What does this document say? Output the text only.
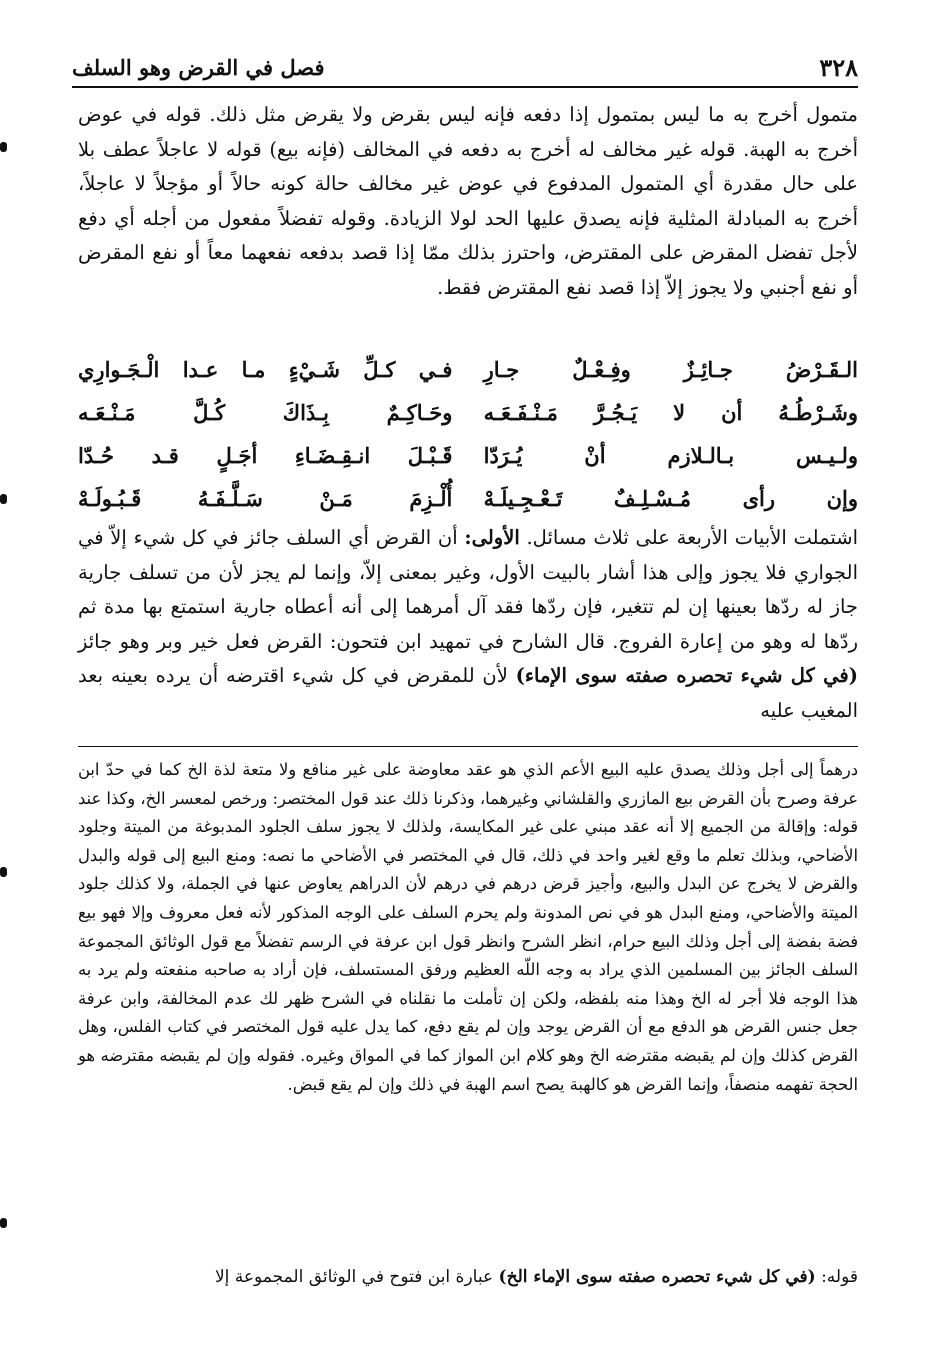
٣٢٨
فصل في القرض وهو السلف

متمول أخرج به ما ليس بمتمول إذا دفعه فإنه ليس بقرض ولا يقرض مثل ذلك. قوله في عوض أخرج به الهبة. قوله غير مخالف له أخرج به دفعه في المخالف (فإنه بيع) قوله لا عاجلاً عطف بلا على حال مقدرة أي المتمول المدفوع في عوض غير مخالف حالة كونه حالاً أو مؤجلاً لا عاجلاً، أخرج به المبادلة المثلية فإنه يصدق عليها الحد لولا الزيادة. وقوله تفضلاً مفعول من أجله أي دفع لأجل تفضل المقرض على المقترض، واحترز بذلك ممّا إذا قصد بدفعه نفعهما معاً أو نفع المقرض أو نفع أجنبي ولا يجوز إلاّ إذا قصد نفع المقترض فقط.

الـقَـرْضُ جـائِـزٌ وفِـعْـلٌ جـارِ
فـي كـلِّ شَـيْءٍ مـا عـدا الْـجَـوارِي
وشَـرْطُـهُ أن لا يَـجُـرَّ مَـنْـفَـعَـه
وحَـاكِـمٌ بِـذَاكَ كُـلَّ مَـنْـعَـه
ولـيـس بـالـلازم أنْ يُـرَدّا
قَـبْـلَ انـقِـضَـاءِ أجَـلٍ قـد حُـدّا
وإن رأى مُـسْـلِـفٌ تَـعْـجِـيلَـهْ
أُلْـزِمَ مَـنْ سَـلَّـفَـهُ قَـبُـولَـهْ

اشتملت الأبيات الأربعة على ثلاث مسائل. الأولى: أن القرض أي السلف جائز في كل شيء إلاّ في الجواري فلا يجوز وإلى هذا أشار بالبيت الأول، وغير بمعنى إلاّ، وإنما لم يجز لأن من تسلف جارية جاز له ردّها بعينها إن لم تتغير، فإن ردّها فقد آل أمرهما إلى أنه أعطاه جارية استمتع بها مدة ثم ردّها له وهو من إعارة الفروج. قال الشارح في تمهيد ابن فتحون: القرض فعل خير وبر وهو جائز (في كل شيء تحصره صفته سوى الإماء) لأن للمقرض في كل شيء اقترضه أن يرده بعينه بعد المغيب عليه

درهماً إلى أجل وذلك يصدق عليه البيع الأعم الذي هو عقد معاوضة على غير منافع ولا متعة لذة الخ كما في حدّ ابن عرفة وصرح بأن القرض بيع المازري والقلشاني وغيرهما، وذكرنا ذلك عند قول المختصر: ورخص لمعسر الخ، وكذا عند قوله: وإقالة من الجميع إلا أنه عقد مبني على غير المكايسة، ولذلك لا يجوز سلف الجلود المدبوغة من الميتة وجلود الأضاحي، وبذلك تعلم ما وقع لغير واحد في ذلك، قال في المختصر في الأضاحي ما نصه: ومنع البيع إلى قوله والبدل والقرض لا يخرج عن البدل والبيع، وأجيز قرض درهم في درهم لأن الدراهم يعاوض عنها في الجملة، ولا كذلك جلود الميتة والأضاحي، ومنع البدل هو في نص المدونة ولم يحرم السلف على الوجه المذكور لأنه فعل معروف وإلا فهو بيع فضة بفضة إلى أجل وذلك البيع حرام، انظر الشرح وانظر قول ابن عرفة في الرسم تفضلاً مع قول الوثائق المجموعة السلف الجائز بين المسلمين الذي يراد به وجه اللّه العظيم ورفق المستسلف، فإن أراد به صاحبه منفعته ولم يرد به هذا الوجه فلا أجر له الخ وهذا منه بلفظه، ولكن إن تأملت ما نقلناه في الشرح ظهر لك عدم المخالفة، وابن عرفة جعل جنس القرض هو الدفع مع أن القرض يوجد وإن لم يقع دفع، كما يدل عليه قول المختصر في كتاب الفلس، وهل القرض كذلك وإن لم يقبضه مقترضه الخ وهو كلام ابن المواز كما في المواق وغيره. فقوله وإن لم يقبضه مقترضه هو الحجة تفهمه منصفاً، وإنما القرض هو كالهبة يصح اسم الهبة في ذلك وإن لم يقع قبض.

قوله: (في كل شيء تحصره صفته سوى الإماء الخ) عبارة ابن فتوح في الوثائق المجموعة إلا
